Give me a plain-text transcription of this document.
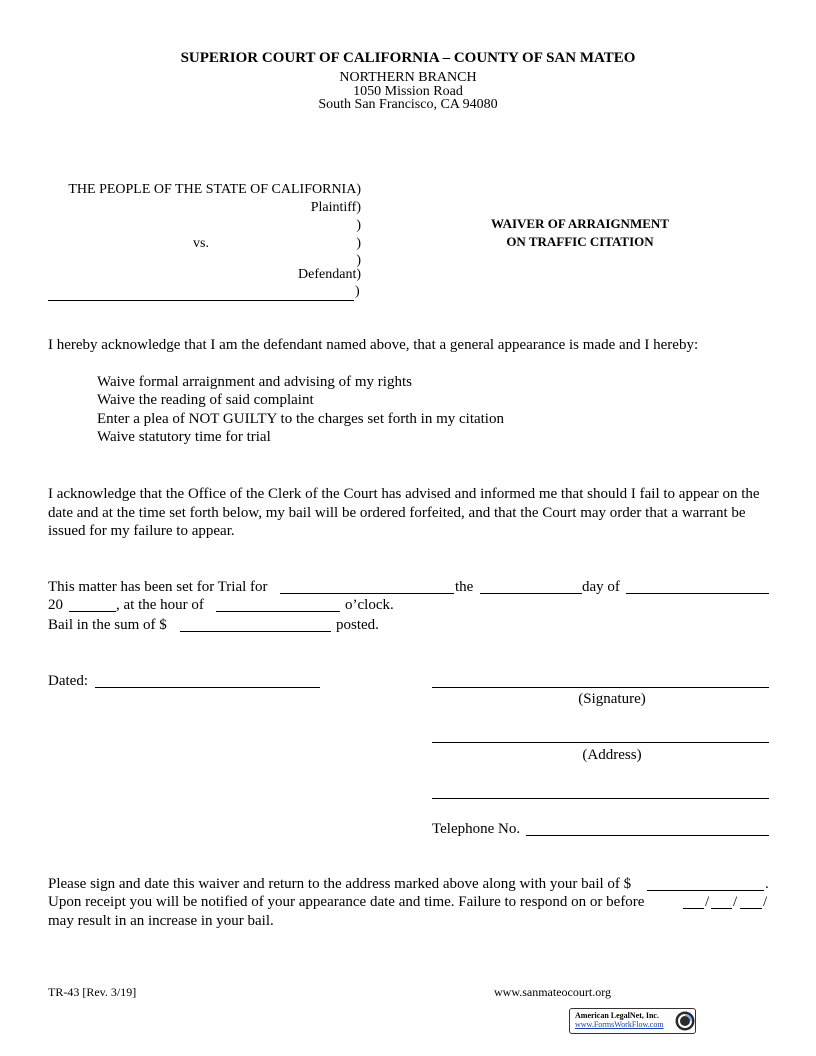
SUPERIOR COURT OF CALIFORNIA – COUNTY OF SAN MATEO
NORTHERN BRANCH
1050 Mission Road
South San Francisco, CA 94080
THE PEOPLE OF THE STATE OF CALIFORNIA)
Plaintiff)
)
vs.	)
)
Defendant)
)
WAIVER OF ARRAIGNMENT
ON TRAFFIC CITATION
I hereby acknowledge that I am the defendant named above, that a general appearance is made and I hereby:
Waive formal arraignment and advising of my rights
Waive the reading of said complaint
Enter a plea of NOT GUILTY to the charges set forth in my citation
Waive statutory time for trial
I acknowledge that the Office of the Clerk of the Court has advised and informed me that should I fail to appear on the date and at the time set forth below, my bail will be ordered forfeited, and that the Court may order that a warrant be issued for my failure to appear.
This matter has been set for Trial for	the	day of
20	, at the hour of	o’clock.
Bail in the sum of $	posted.
Dated:
(Signature)
(Address)
Telephone No.
Please sign and date this waiver and return to the address marked above along with your bail of $	.
Upon receipt you will be notified of your appearance date and time. Failure to respond on or before	/ / /
may result in an increase in your bail.
TR-43 [Rev. 3/19]	www.sanmateocourt.org
American LegalNet, Inc.
www.FormsWorkFlow.com
